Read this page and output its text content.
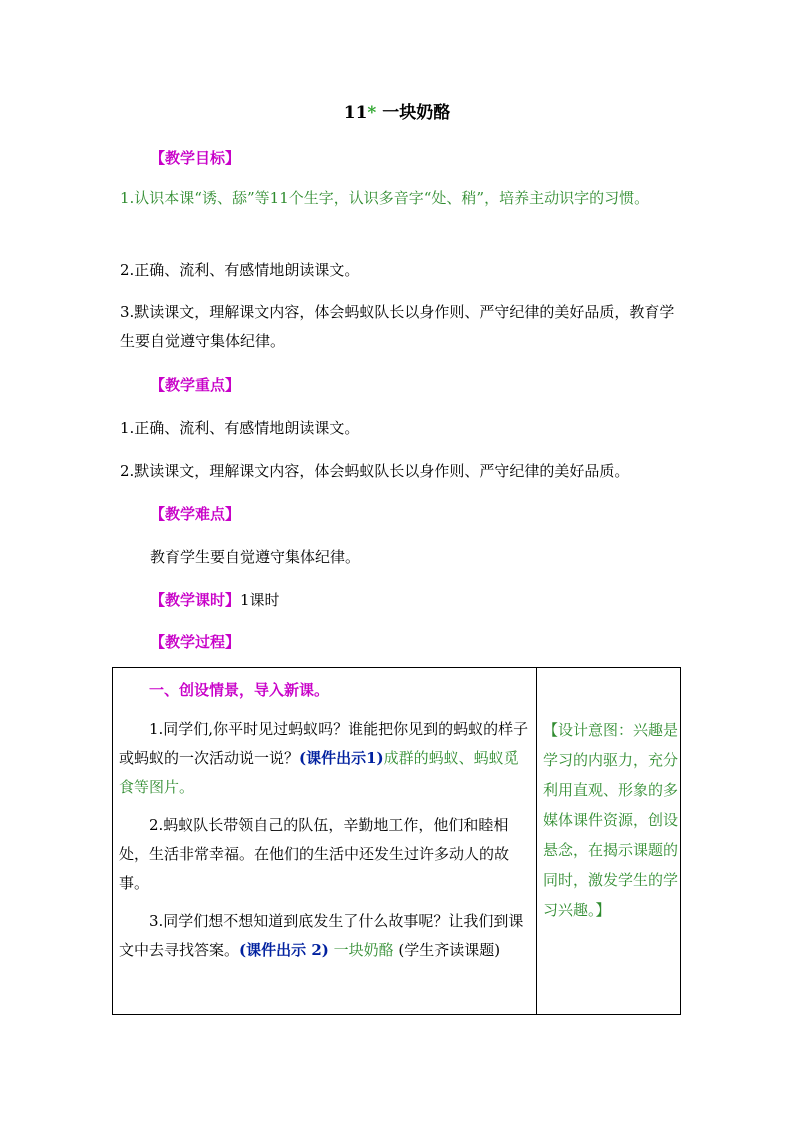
11* 一块奶酪
【教学目标】

1.认识本课“诱、舔”等11个生字，认识多音字“处、稍”，培养主动识字的习惯。

2.正确、流利、有感情地朗读课文。

3.默读课文，理解课文内容，体会蚂蚁队长以身作则、严守纪律的美好品质，教育学生要自觉遵守集体纪律。

【教学重点】

1.正确、流利、有感情地朗读课文。

2.默读课文，理解课文内容，体会蚂蚁队长以身作则、严守纪律的美好品质。

【教学难点】
教育学生要自觉遵守集体纪律。
【教学课时】1课时
【教学过程】

一、创设情景，导入新课。

1.同学们,你平时见过蚂蚁吗？谁能把你见到的蚂蚁的样子或蚂蚁的一次活动说一说？(课件出示1)成群的蚂蚁、蚂蚁觅食等图片。

2.蚂蚁队长带领自己的队伍，辛勤地工作，他们和睦相处，生活非常幸福。在他们的生活中还发生过许多动人的故事。

3.同学们想不想知道到底发生了什么故事呢？让我们到课文中去寻找答案。(课件出示 2) 一块奶酪 (学生齐读课题)

【设计意图：兴趣是学习的内驱力，充分利用直观、形象的多媒体课件资源，创设悬念，在揭示课题的同时，激发学生的学习兴趣。】
